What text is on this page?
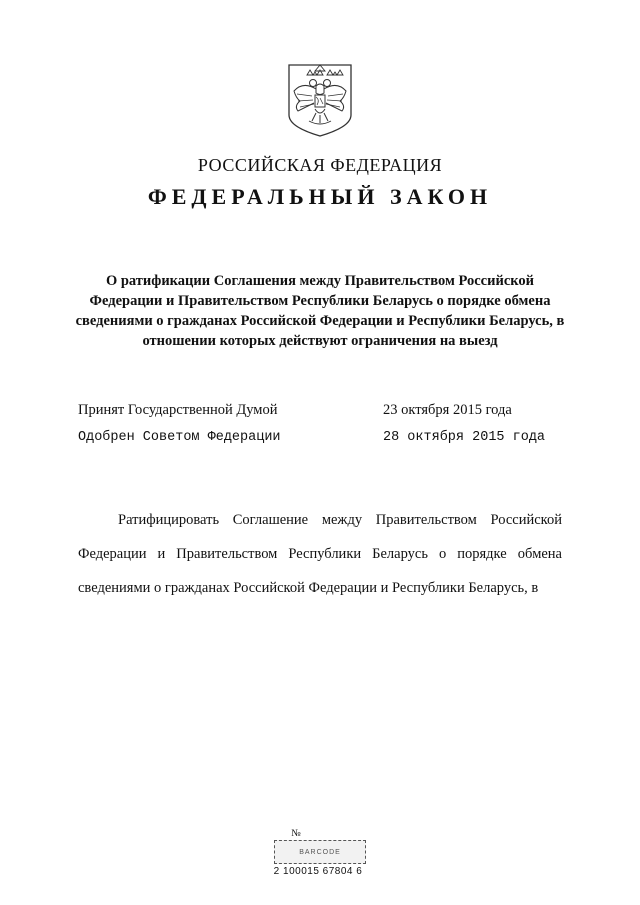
РОССИЙСКАЯ ФЕДЕРАЦИЯ
ФЕДЕРАЛЬНЫЙ ЗАКОН

О ратификации Соглашения между Правительством Российской Федерации и Правительством Республики Беларусь о порядке обмена сведениями о гражданах Российской Федерации и Республики Беларусь, в отношении которых действуют ограничения на выезд

Принят Государственной Думой	23 октября 2015 года
Одобрен Советом Федерации	28 октября 2015 года

Ратифицировать Соглашение между Правительством Российской Федерации и Правительством Республики Беларусь о порядке обмена сведениями о гражданах Российской Федерации и Республики Беларусь, в

№
BARCODE
2 100015 67804 6
